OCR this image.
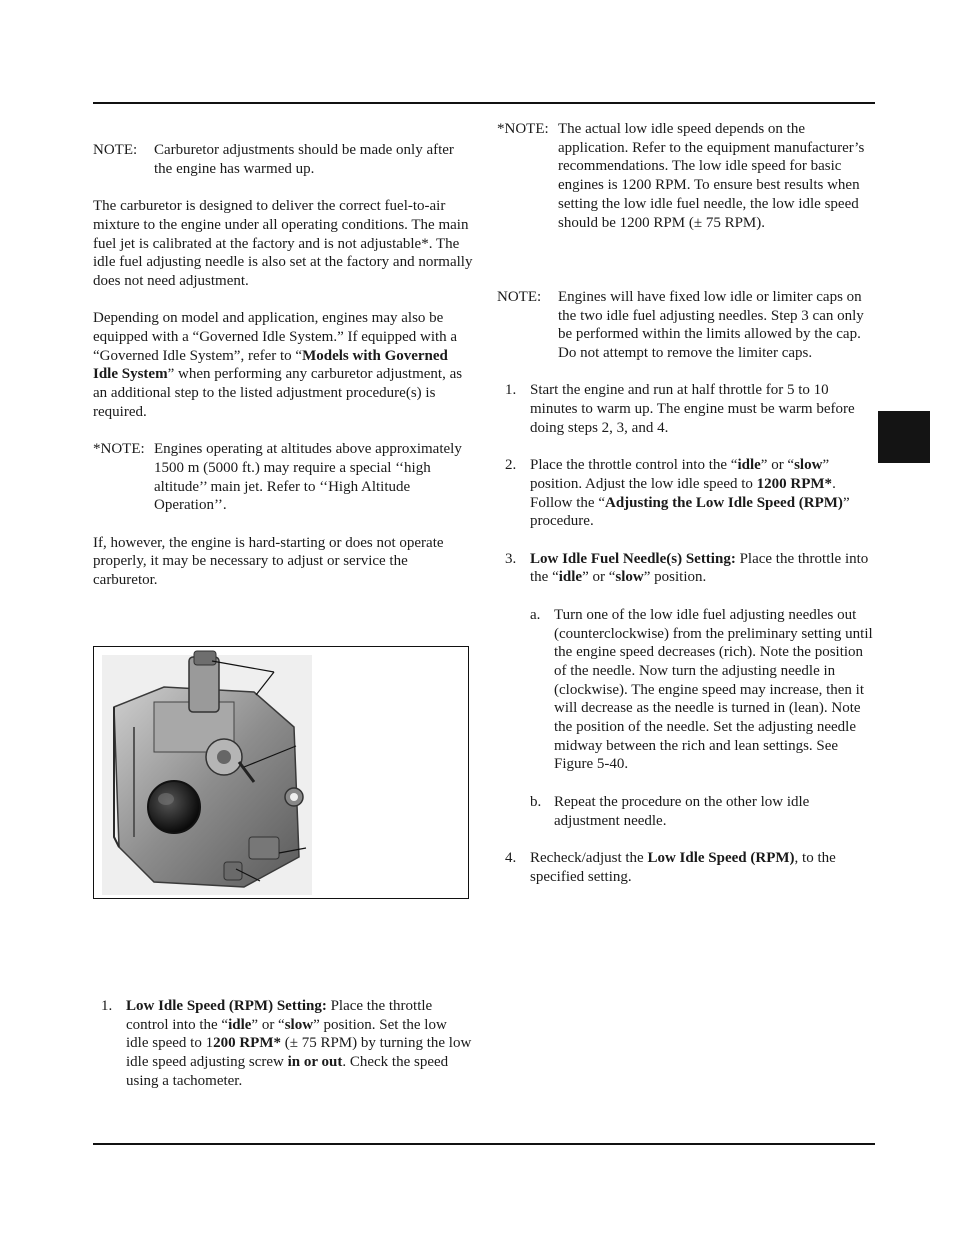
NOTE:	Carburetor adjustments should be made only after the engine has warmed up.

The carburetor is designed to deliver the correct fuel-to-air mixture to the engine under all operating conditions. The main fuel jet is calibrated at the factory and is not adjustable*. The idle fuel adjusting needle is also set at the factory and normally does not need adjustment.

Depending on model and application, engines may also be equipped with a “Governed Idle System.” If equipped with a “Governed Idle System”, refer to “Models with Governed Idle System” when performing any carburetor adjustment, as an additional step to the listed adjustment procedure(s) is required.

*NOTE: Engines operating at altitudes above approximately 1500 m (5000 ft.) may require a special ‘‘high altitude’’ main jet. Refer to ‘‘High Altitude Operation’’.

If, however, the engine is hard-starting or does not operate properly, it may be necessary to adjust or service the carburetor.

1. Low Idle Speed (RPM) Setting: Place the throttle control into the “idle” or “slow” position. Set the low idle speed to 1200 RPM* (± 75 RPM) by turning the low idle speed adjusting screw in or out. Check the speed using a tachometer.
*NOTE: The actual low idle speed depends on the application. Refer to the equipment manufacturer’s recommendations. The low idle speed for basic engines is 1200 RPM. To ensure best results when setting the low idle fuel needle, the low idle speed should be 1200 RPM (± 75 RPM).
NOTE:	Engines will have fixed low idle or limiter caps on the two idle fuel adjusting needles. Step 3 can only be performed within the limits allowed by the cap. Do not attempt to remove the limiter caps.
1. Start the engine and run at half throttle for 5 to 10 minutes to warm up. The engine must be warm before doing steps 2, 3, and 4.
2. Place the throttle control into the “idle” or “slow” position. Adjust the low idle speed to 1200 RPM*. Follow the “Adjusting the Low Idle Speed (RPM)” procedure.
3. Low Idle Fuel Needle(s) Setting: Place the throttle into the “idle” or “slow” position.
a. Turn one of the low idle fuel adjusting needles out (counterclockwise) from the preliminary setting until the engine speed decreases (rich). Note the position of the needle. Now turn the adjusting needle in (clockwise). The engine speed may increase, then it will decrease as the needle is turned in (lean). Note the position of the needle. Set the adjusting needle midway between the rich and lean settings. See Figure 5-40.
b. Repeat the procedure on the other low idle adjustment needle.
4. Recheck/adjust the Low Idle Speed (RPM), to the specified setting.
